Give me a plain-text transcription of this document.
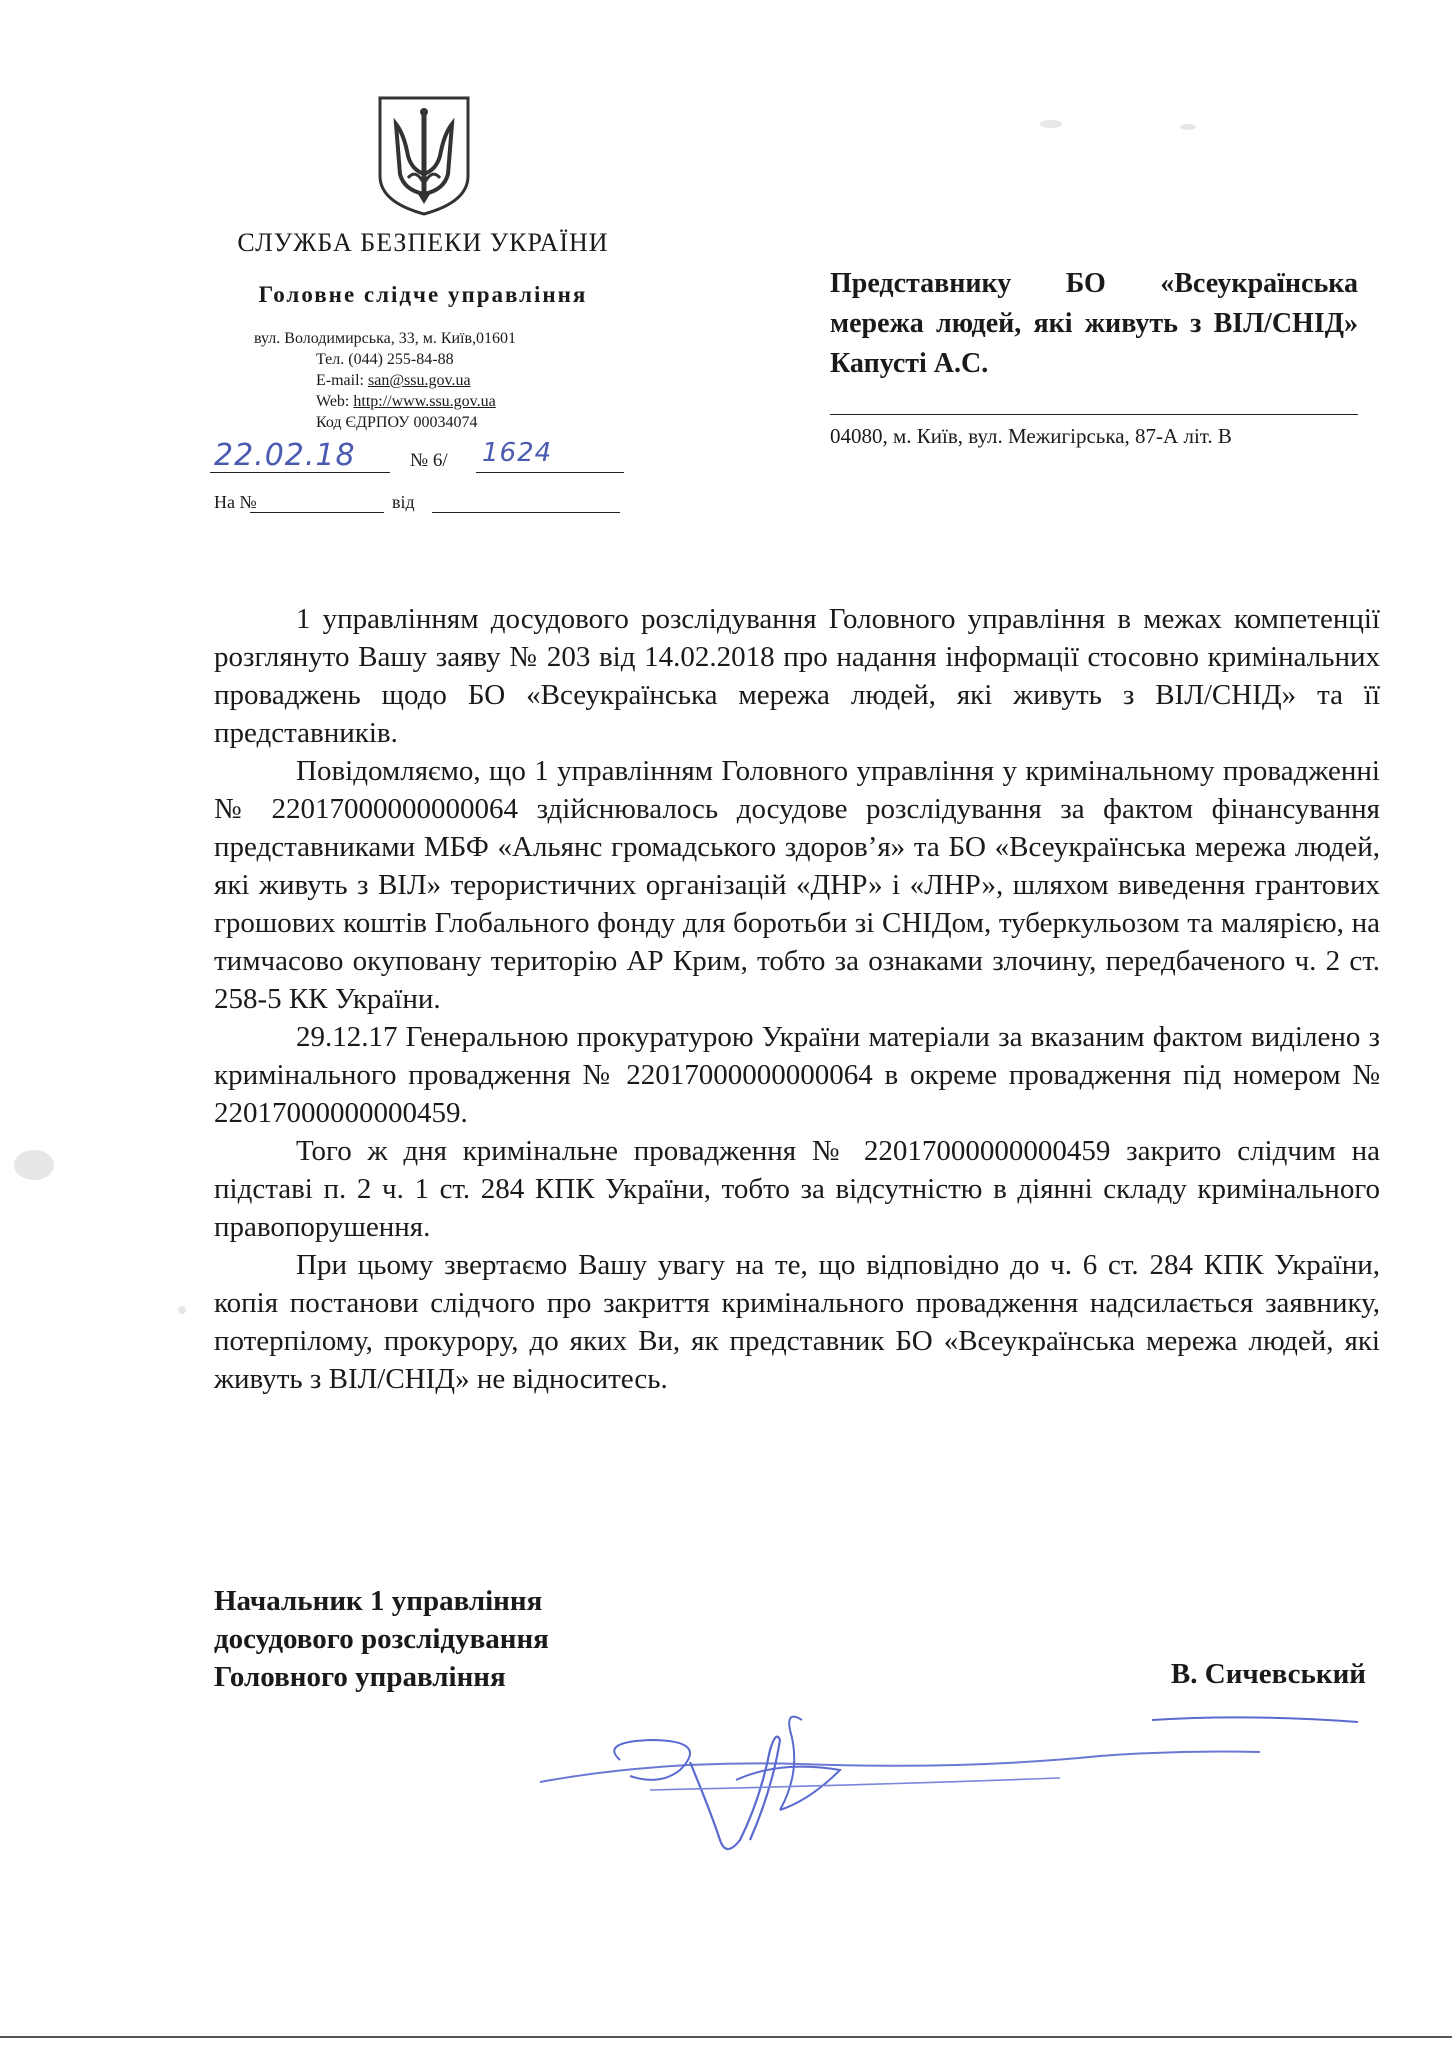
СЛУЖБА БЕЗПЕКИ УКРАЇНИ
Головне слідче управління
вул. Володимирська, 33, м. Київ,01601
Тел. (044) 255-84-88
E-mail: san@ssu.gov.ua
Web: http://www.ssu.gov.ua
Код ЄДРПОУ 00034074
22.02.18	№ 6/ 1624
На №	від
Представнику БО «Всеукраїнська мережа людей, які живуть з ВІЛ/СНІД» Капусті А.С.
04080, м. Київ, вул. Межигірська, 87-А літ. В

1 управлінням досудового розслідування Головного управління в межах компетенції розглянуто Вашу заяву № 203 від 14.02.2018 про надання інформації стосовно кримінальних проваджень щодо БО «Всеукраїнська мережа людей, які живуть з ВІЛ/СНІД» та її представників.

Повідомляємо, що 1 управлінням Головного управління у кримінальному провадженні № 22017000000000064 здійснювалось досудове розслідування за фактом фінансування представниками МБФ «Альянс громадського здоров’я» та БО «Всеукраїнська мережа людей, які живуть з ВІЛ» терористичних організацій «ДНР» і «ЛНР», шляхом виведення грантових грошових коштів Глобального фонду для боротьби зі СНІДом, туберкульозом та малярією, на тимчасово окуповану територію АР Крим, тобто за ознаками злочину, передбаченого ч. 2 ст. 258-5 КК України.

29.12.17 Генеральною прокуратурою України матеріали за вказаним фактом виділено з кримінального провадження № 22017000000000064 в окреме провадження під номером № 22017000000000459.

Того ж дня кримінальне провадження № 22017000000000459 закрито слідчим на підставі п. 2 ч. 1 ст. 284 КПК України, тобто за відсутністю в діянні складу кримінального правопорушення.

При цьому звертаємо Вашу увагу на те, що відповідно до ч. 6 ст. 284 КПК України, копія постанови слідчого про закриття кримінального провадження надсилається заявнику, потерпілому, прокурору, до яких Ви, як представник БО «Всеукраїнська мережа людей, які живуть з ВІЛ/СНІД» не відноситесь.

Начальник 1 управління
досудового розслідування
Головного управління	В. Сичевський
